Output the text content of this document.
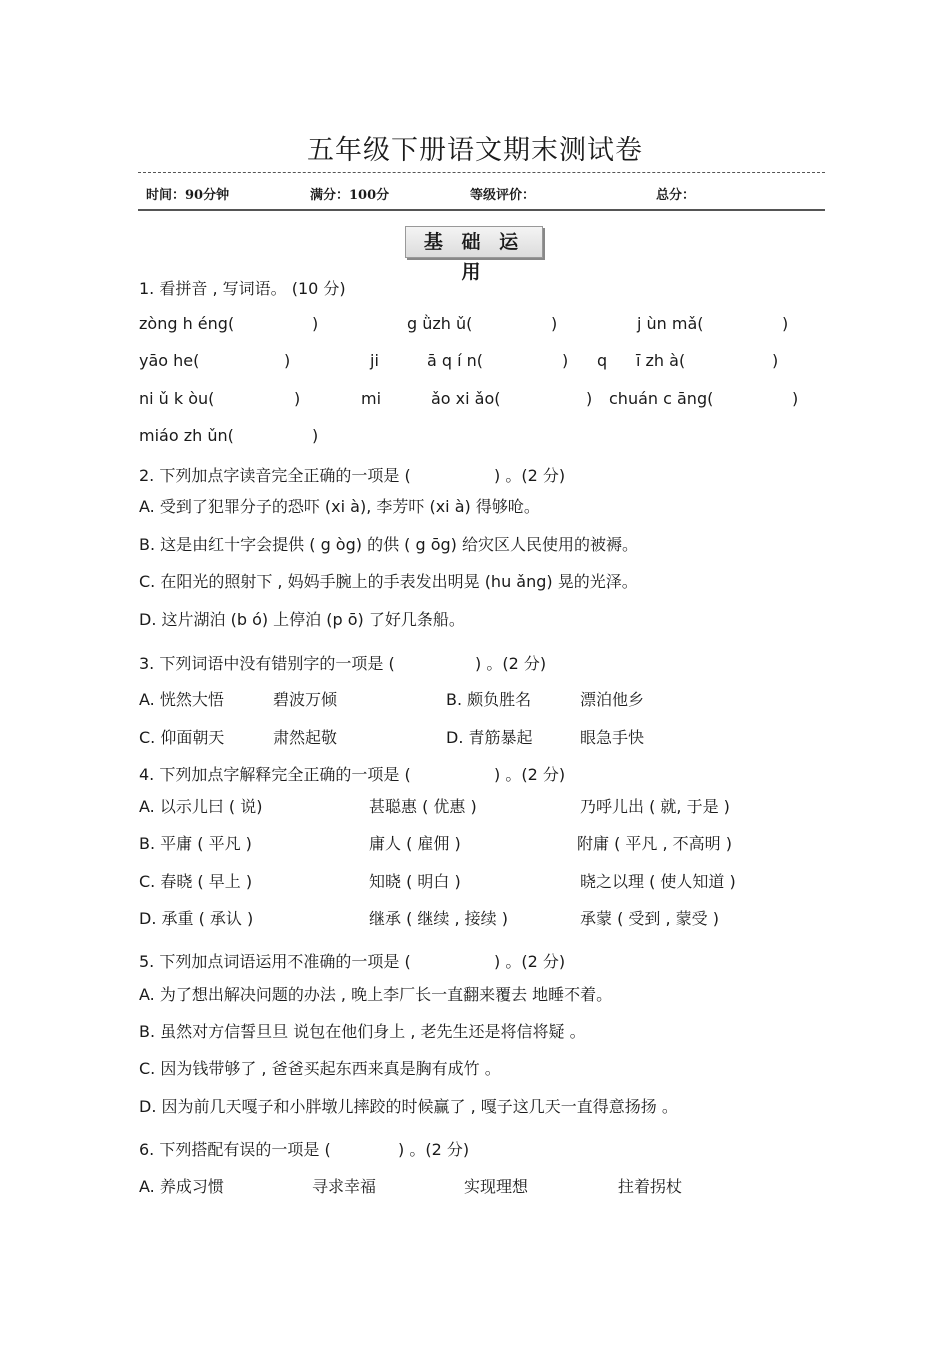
五年级下册语文期末测试卷
时间：90分钟	满分：100分	等级评价：	总分：
基 础 运 用
1. 看拼音 , 写词语。 (10 分)
zòng h éng(	)	g ǜzh ǔ(	)	j ùn mǎ(	)
yāo he(	)	ji	ā q í n(	) q ī zh à(	)
ni ǔ k òu(	)	mi	ǎo xi ǎo(	) chuán c āng(	)
miáo zh ǔn(	)
2. 下列加点字读音完全正确的一项是 (	) 。(2 分)
A. 受到了犯罪分子的恐吓 (xi à), 李芳吓 (xi à) 得够呛。
B. 这是由红十字会提供 ( g òg) 的供 ( g ōg) 给灾区人民使用的被褥。
C. 在阳光的照射下 , 妈妈手腕上的手表发出明晃 (hu ǎng) 晃的光泽。
D. 这片湖泊 (b ó) 上停泊 (p ō) 了好几条船。
3. 下列词语中没有错别字的一项是 (	) 。(2 分)
A. 恍然大悟	碧波万倾	B. 颇负胜名	漂泊他乡
C. 仰面朝天	肃然起敬	D. 青筋暴起	眼急手快
4. 下列加点字解释完全正确的一项是 (	) 。(2 分)
A. 以示儿曰 ( 说)	甚聪惠 ( 优惠 )	乃呼儿出 ( 就, 于是 )
B. 平庸 ( 平凡 )	庸人 ( 雇佣 )	附庸 ( 平凡 , 不高明 )
C. 春晓 ( 早上 )	知晓 ( 明白 )	晓之以理 ( 使人知道 )
D. 承重 ( 承认 )	继承 ( 继续 , 接续 )	承蒙 ( 受到 , 蒙受 )
5. 下列加点词语运用不准确的一项是 (	) 。(2 分)
A. 为了想出解决问题的办法 , 晚上李厂长一直翻来覆去 地睡不着。
B. 虽然对方信誓旦旦 说包在他们身上 , 老先生还是将信将疑 。
C. 因为钱带够了 , 爸爸买起东西来真是胸有成竹 。
D. 因为前几天嘎子和小胖墩儿摔跤的时候赢了 , 嘎子这几天一直得意扬扬 。
6. 下列搭配有误的一项是 (	) 。(2 分)
A. 养成习惯	寻求幸福	实现理想	拄着拐杖
